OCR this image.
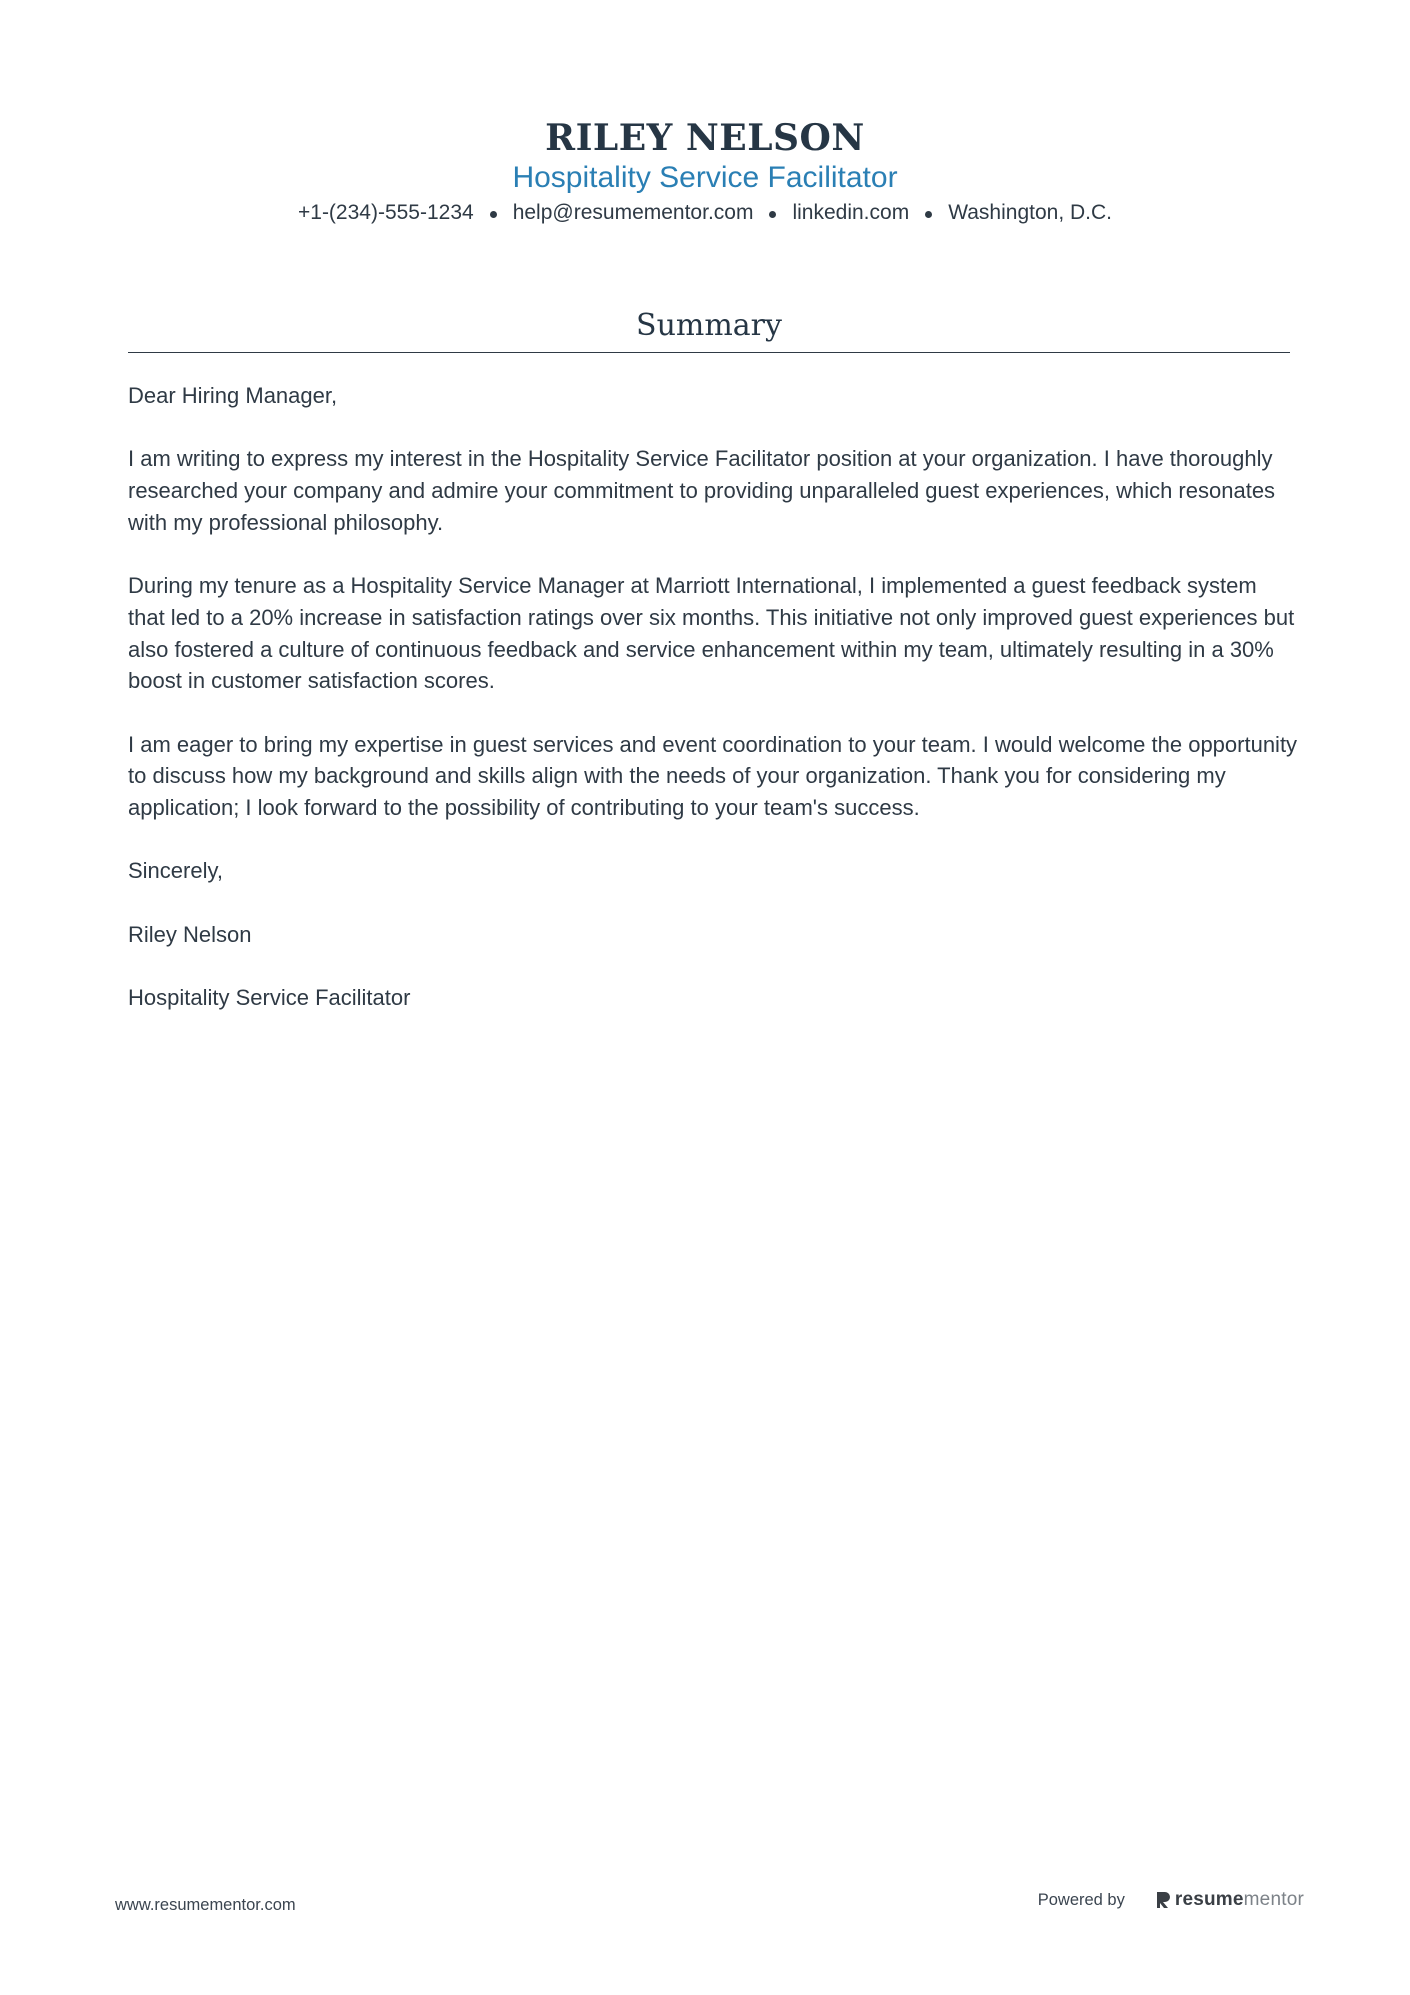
RILEY NELSON
Hospitality Service Facilitator
+1-(234)-555-1234 help@resumementor.com linkedin.com Washington, D.C.
Summary

Dear Hiring Manager,

I am writing to express my interest in the Hospitality Service Facilitator position at your organization. I have thoroughly researched your company and admire your commitment to providing unparalleled guest experiences, which resonates with my professional philosophy.

During my tenure as a Hospitality Service Manager at Marriott International, I implemented a guest feedback system that led to a 20% increase in satisfaction ratings over six months. This initiative not only improved guest experiences but also fostered a culture of continuous feedback and service enhancement within my team, ultimately resulting in a 30% boost in customer satisfaction scores.

I am eager to bring my expertise in guest services and event coordination to your team. I would welcome the opportunity to discuss how my background and skills align with the needs of your organization. Thank you for considering my application; I look forward to the possibility of contributing to your team's success.

Sincerely,

Riley Nelson

Hospitality Service Facilitator

www.resumementor.com	Powered by	resume mentor
